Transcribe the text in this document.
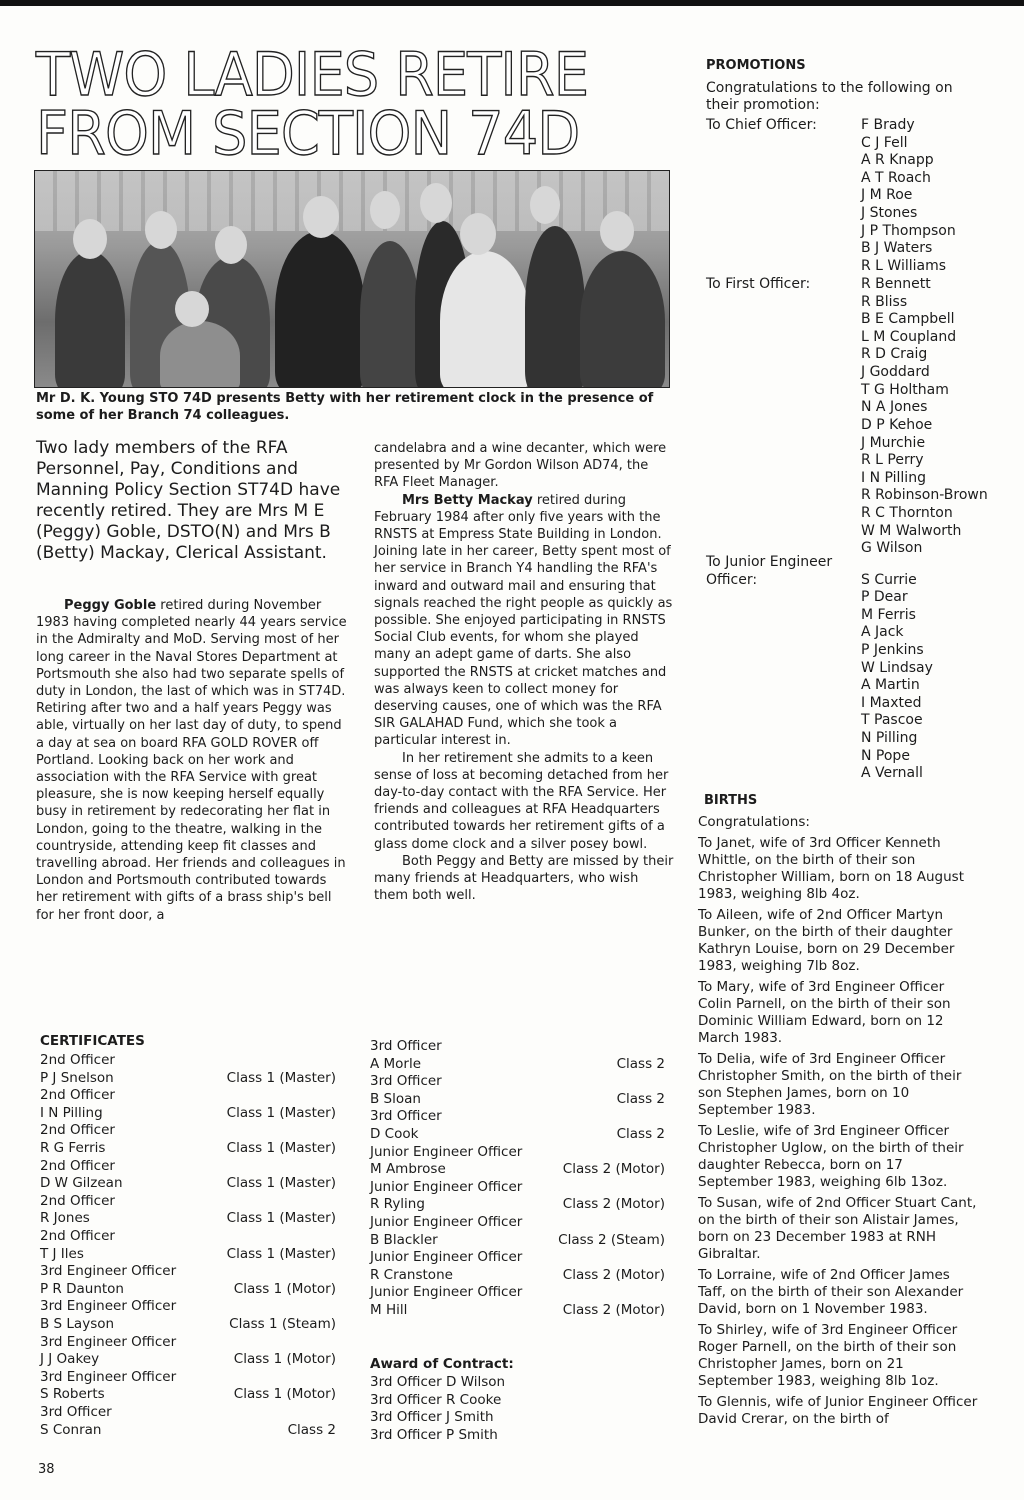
TWO LADIES RETIRE
FROM SECTION 74D

Mr D. K. Young STO 74D presents Betty with her retirement clock in the presence of some of her Branch 74 colleagues.

Two lady members of the RFA Personnel, Pay, Conditions and Manning Policy Section ST74D have recently retired. They are Mrs M E (Peggy) Goble, DSTO(N) and Mrs B (Betty) Mackay, Clerical Assistant.

Peggy Goble retired during November 1983 having completed nearly 44 years service in the Admiralty and MoD. Serving most of her long career in the Naval Stores Department at Portsmouth she also had two separate spells of duty in London, the last of which was in ST74D. Retiring after two and a half years Peggy was able, virtually on her last day of duty, to spend a day at sea on board RFA GOLD ROVER off Portland. Looking back on her work and association with the RFA Service with great pleasure, she is now keeping herself equally busy in retirement by redecorating her flat in London, going to the theatre, walking in the countryside, attending keep fit classes and travelling abroad. Her friends and colleagues in London and Portsmouth contributed towards her retirement with gifts of a brass ship's bell for her front door, a

candelabra and a wine decanter, which were presented by Mr Gordon Wilson AD74, the RFA Fleet Manager.

Mrs Betty Mackay retired during February 1984 after only five years with the RNSTS at Empress State Building in London. Joining late in her career, Betty spent most of her service in Branch Y4 handling the RFA's inward and outward mail and ensuring that signals reached the right people as quickly as possible. She enjoyed participating in RNSTS Social Club events, for whom she played many an adept game of darts. She also supported the RNSTS at cricket matches and was always keen to collect money for deserving causes, one of which was the RFA SIR GALAHAD Fund, which she took a particular interest in.

In her retirement she admits to a keen sense of loss at becoming detached from her day-to-day contact with the RFA Service. Her friends and colleagues at RFA Headquarters contributed towards her retirement gifts of a glass dome clock and a silver posey bowl.

Both Peggy and Betty are missed by their many friends at Headquarters, who wish them both well.

CERTIFICATES
2nd Officer
P J Snelson	Class 1 (Master)
2nd Officer
I N Pilling	Class 1 (Master)
2nd Officer
R G Ferris	Class 1 (Master)
2nd Officer
D W Gilzean	Class 1 (Master)
2nd Officer
R Jones	Class 1 (Master)
2nd Officer
T J Iles	Class 1 (Master)
3rd Engineer Officer
P R Daunton	Class 1 (Motor)
3rd Engineer Officer
B S Layson	Class 1 (Steam)
3rd Engineer Officer
J J Oakey	Class 1 (Motor)
3rd Engineer Officer
S Roberts	Class 1 (Motor)
3rd Officer
S Conran	Class 2
3rd Officer
A Morle	Class 2
3rd Officer
B Sloan	Class 2
3rd Officer
D Cook	Class 2
Junior Engineer Officer
M Ambrose	Class 2 (Motor)
Junior Engineer Officer
R Ryling	Class 2 (Motor)
Junior Engineer Officer
B Blackler	Class 2 (Steam)
Junior Engineer Officer
R Cranstone	Class 2 (Motor)
Junior Engineer Officer
M Hill	Class 2 (Motor)
Award of Contract:
3rd Officer D Wilson
3rd Officer R Cooke
3rd Officer J Smith
3rd Officer P Smith
PROMOTIONS
Congratulations to the following on
their promotion:
To Chief Officer:	F Brady
C J Fell
A R Knapp
A T Roach
J M Roe
J Stones
J P Thompson
B J Waters
R L Williams
To First Officer:	R Bennett
R Bliss
B E Campbell
L M Coupland
R D Craig
J Goddard
T G Holtham
N A Jones
D P Kehoe
J Murchie
R L Perry
I N Pilling
R Robinson-Brown
R C Thornton
W M Walworth
G Wilson
To Junior Engineer
Officer:	S Currie
P Dear
M Ferris
A Jack
P Jenkins
W Lindsay
A Martin
I Maxted
T Pascoe
N Pilling
N Pope
A Vernall
BIRTHS

Congratulations:

To Janet, wife of 3rd Officer Kenneth Whittle, on the birth of their son Christopher William, born on 18 August 1983, weighing 8lb 4oz.

To Aileen, wife of 2nd Officer Martyn Bunker, on the birth of their daughter Kathryn Louise, born on 29 December 1983, weighing 7lb 8oz.

To Mary, wife of 3rd Engineer Officer Colin Parnell, on the birth of their son Dominic William Edward, born on 12 March 1983.

To Delia, wife of 3rd Engineer Officer Christopher Smith, on the birth of their son Stephen James, born on 10 September 1983.

To Leslie, wife of 3rd Engineer Officer Christopher Uglow, on the birth of their daughter Rebecca, born on 17 September 1983, weighing 6lb 13oz.

To Susan, wife of 2nd Officer Stuart Cant, on the birth of their son Alistair James, born on 23 December 1983 at RNH Gibraltar.

To Lorraine, wife of 2nd Officer James Taff, on the birth of their son Alexander David, born on 1 November 1983.

To Shirley, wife of 3rd Engineer Officer Roger Parnell, on the birth of their son Christopher James, born on 21 September 1983, weighing 8lb 1oz.

To Glennis, wife of Junior Engineer Officer David Crerar, on the birth of

38
